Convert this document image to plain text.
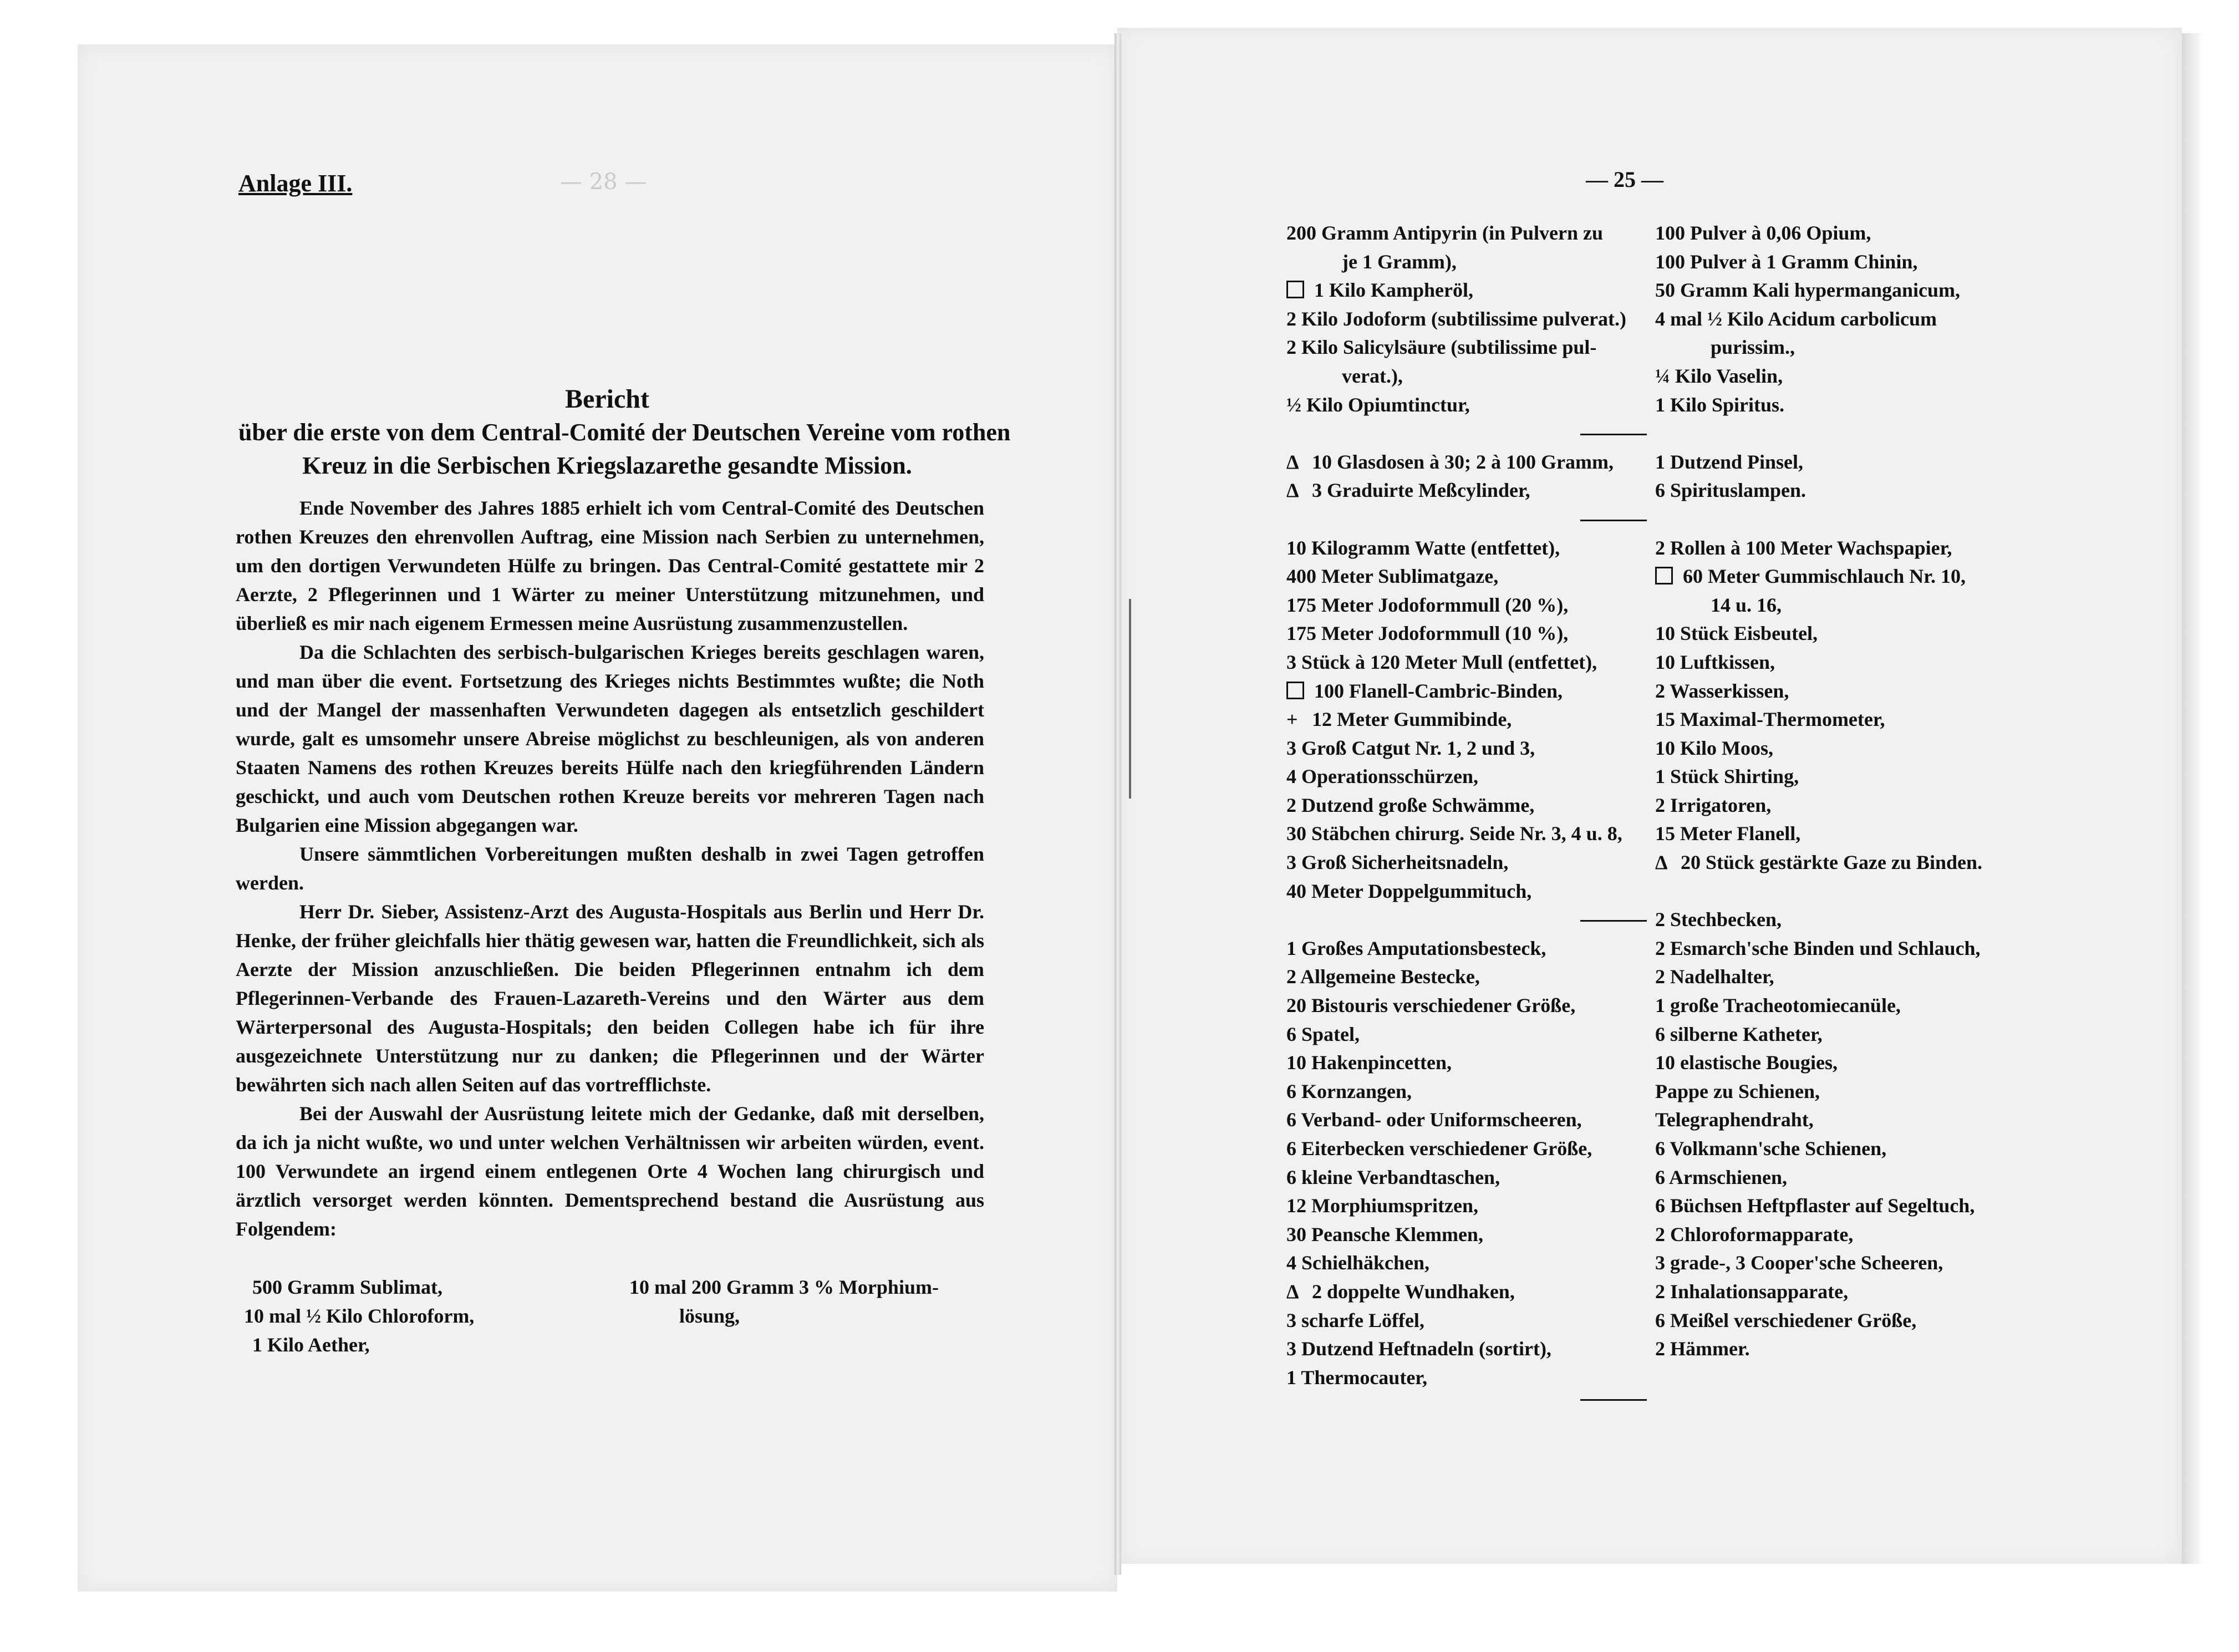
Anlage III.	— 28 —
Bericht
über die erste von dem Central-Comité der Deutschen Vereine vom rothen
Kreuz in die Serbischen Kriegslazarethe gesandte Mission.

Ende November des Jahres 1885 erhielt ich vom Central-Comité des Deutschen rothen Kreuzes den ehrenvollen Auftrag, eine Mission nach Serbien zu unternehmen, um den dortigen Verwundeten Hülfe zu bringen. Das Central-Comité gestattete mir 2 Aerzte, 2 Pflegerinnen und 1 Wärter zu meiner Unterstützung mitzunehmen, und überließ es mir nach eigenem Ermessen meine Ausrüstung zusammenzustellen.

Da die Schlachten des serbisch-bulgarischen Krieges bereits geschlagen waren, und man über die event. Fortsetzung des Krieges nichts Bestimmtes wußte; die Noth und der Mangel der massenhaften Verwundeten dagegen als entsetzlich geschildert wurde, galt es umsomehr unsere Abreise möglichst zu beschleunigen, als von anderen Staaten Namens des rothen Kreuzes bereits Hülfe nach den kriegführenden Ländern geschickt, und auch vom Deutschen rothen Kreuze bereits vor mehreren Tagen nach Bulgarien eine Mission abgegangen war.

Unsere sämmtlichen Vorbereitungen mußten deshalb in zwei Tagen getroffen werden.

Herr Dr. Sieber, Assistenz-Arzt des Augusta-Hospitals aus Berlin und Herr Dr. Henke, der früher gleichfalls hier thätig gewesen war, hatten die Freundlichkeit, sich als Aerzte der Mission anzuschließen. Die beiden Pflegerinnen entnahm ich dem Pflegerinnen-Verbande des Frauen-Lazareth-Vereins und den Wärter aus dem Wärterpersonal des Augusta-Hospitals; den beiden Collegen habe ich für ihre ausgezeichnete Unterstützung nur zu danken; die Pflegerinnen und der Wärter bewährten sich nach allen Seiten auf das vortrefflichste.

Bei der Auswahl der Ausrüstung leitete mich der Gedanke, daß mit derselben, da ich ja nicht wußte, wo und unter welchen Verhältnissen wir arbeiten würden, event. 100 Verwundete an irgend einem entlegenen Orte 4 Wochen lang chirurgisch und ärztlich versorget werden könnten. Dementsprechend bestand die Ausrüstung aus Folgendem:

500 Gramm Sublimat,
10 mal ½ Kilo Chloroform,
1 Kilo Aether,
10 mal 200 Gramm 3 % Morphium-
lösung,
— 25 —
200 Gramm Antipyrin (in Pulvern zu
je 1 Gramm),
1 Kilo Kampheröl,
2 Kilo Jodoform (subtilissime pulverat.)
2 Kilo Salicylsäure (subtilissime pul-
verat.),
½ Kilo Opiumtinctur,
Δ 10 Glasdosen à 30; 2 à 100 Gramm,
Δ 3 Graduirte Meßcylinder,
10 Kilogramm Watte (entfettet),
400 Meter Sublimatgaze,
175 Meter Jodoformmull (20 %),
175 Meter Jodoformmull (10 %),
3 Stück à 120 Meter Mull (entfettet),
100 Flanell-Cambric-Binden,
+ 12 Meter Gummibinde,
3 Groß Catgut Nr. 1, 2 und 3,
4 Operationsschürzen,
2 Dutzend große Schwämme,
30 Stäbchen chirurg. Seide Nr. 3, 4 u. 8,
3 Groß Sicherheitsnadeln,
40 Meter Doppelgummituch,
1 Großes Amputationsbesteck,
2 Allgemeine Bestecke,
20 Bistouris verschiedener Größe,
6 Spatel,
10 Hakenpincetten,
6 Kornzangen,
6 Verband- oder Uniformscheeren,
6 Eiterbecken verschiedener Größe,
6 kleine Verbandtaschen,
12 Morphiumspritzen,
30 Peansche Klemmen,
4 Schielhäkchen,
Δ 2 doppelte Wundhaken,
3 scharfe Löffel,
3 Dutzend Heftnadeln (sortirt),
1 Thermocauter,
100 Pulver à 0,06 Opium,
100 Pulver à 1 Gramm Chinin,
50 Gramm Kali hypermanganicum,
4 mal ½ Kilo Acidum carbolicum
purissim.,
¼ Kilo Vaselin,
1 Kilo Spiritus.
1 Dutzend Pinsel,
6 Spirituslampen.
2 Rollen à 100 Meter Wachspapier,
60 Meter Gummischlauch Nr. 10,
14 u. 16,
10 Stück Eisbeutel,
10 Luftkissen,
2 Wasserkissen,
15 Maximal-Thermometer,
10 Kilo Moos,
1 Stück Shirting,
2 Irrigatoren,
15 Meter Flanell,
Δ 20 Stück gestärkte Gaze zu Binden.
2 Stechbecken,
2 Esmarch'sche Binden und Schlauch,
2 Nadelhalter,
1 große Tracheotomiecanüle,
6 silberne Katheter,
10 elastische Bougies,
Pappe zu Schienen,
Telegraphendraht,
6 Volkmann'sche Schienen,
6 Armschienen,
6 Büchsen Heftpflaster auf Segeltuch,
2 Chloroformapparate,
3 grade-, 3 Cooper'sche Scheeren,
2 Inhalationsapparate,
6 Meißel verschiedener Größe,
2 Hämmer.
